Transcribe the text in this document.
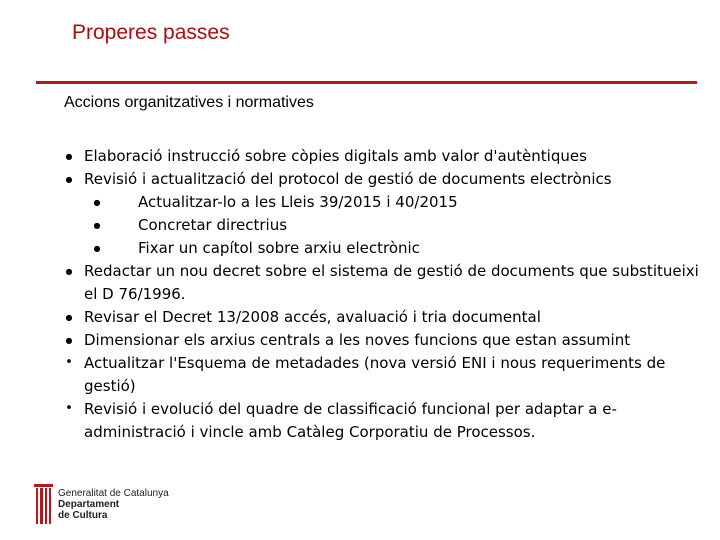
Properes passes
Accions organitzatives i normatives
● Elaboració instrucció sobre còpies digitals amb valor d'autèntiques
● Revisió i actualització del protocol de gestió de documents electrònics
●	Actualitzar-lo a les Lleis 39/2015 i 40/2015
●	Concretar directrius
●	Fixar un capítol sobre arxiu electrònic
● Redactar un nou decret sobre el sistema de gestió de documents que substitueixi el D 76/1996.
● Revisar el Decret 13/2008 accés, avaluació i tria documental
● Dimensionar els arxius centrals a les noves funcions que estan assumint
• Actualitzar l'Esquema de metadades (nova versió ENI i nous requeriments de gestió)
• Revisió i evolució del quadre de classificació funcional per adaptar a e-administració i vincle amb Catàleg Corporatiu de Processos.
Generalitat de Catalunya
Departament
de Cultura
